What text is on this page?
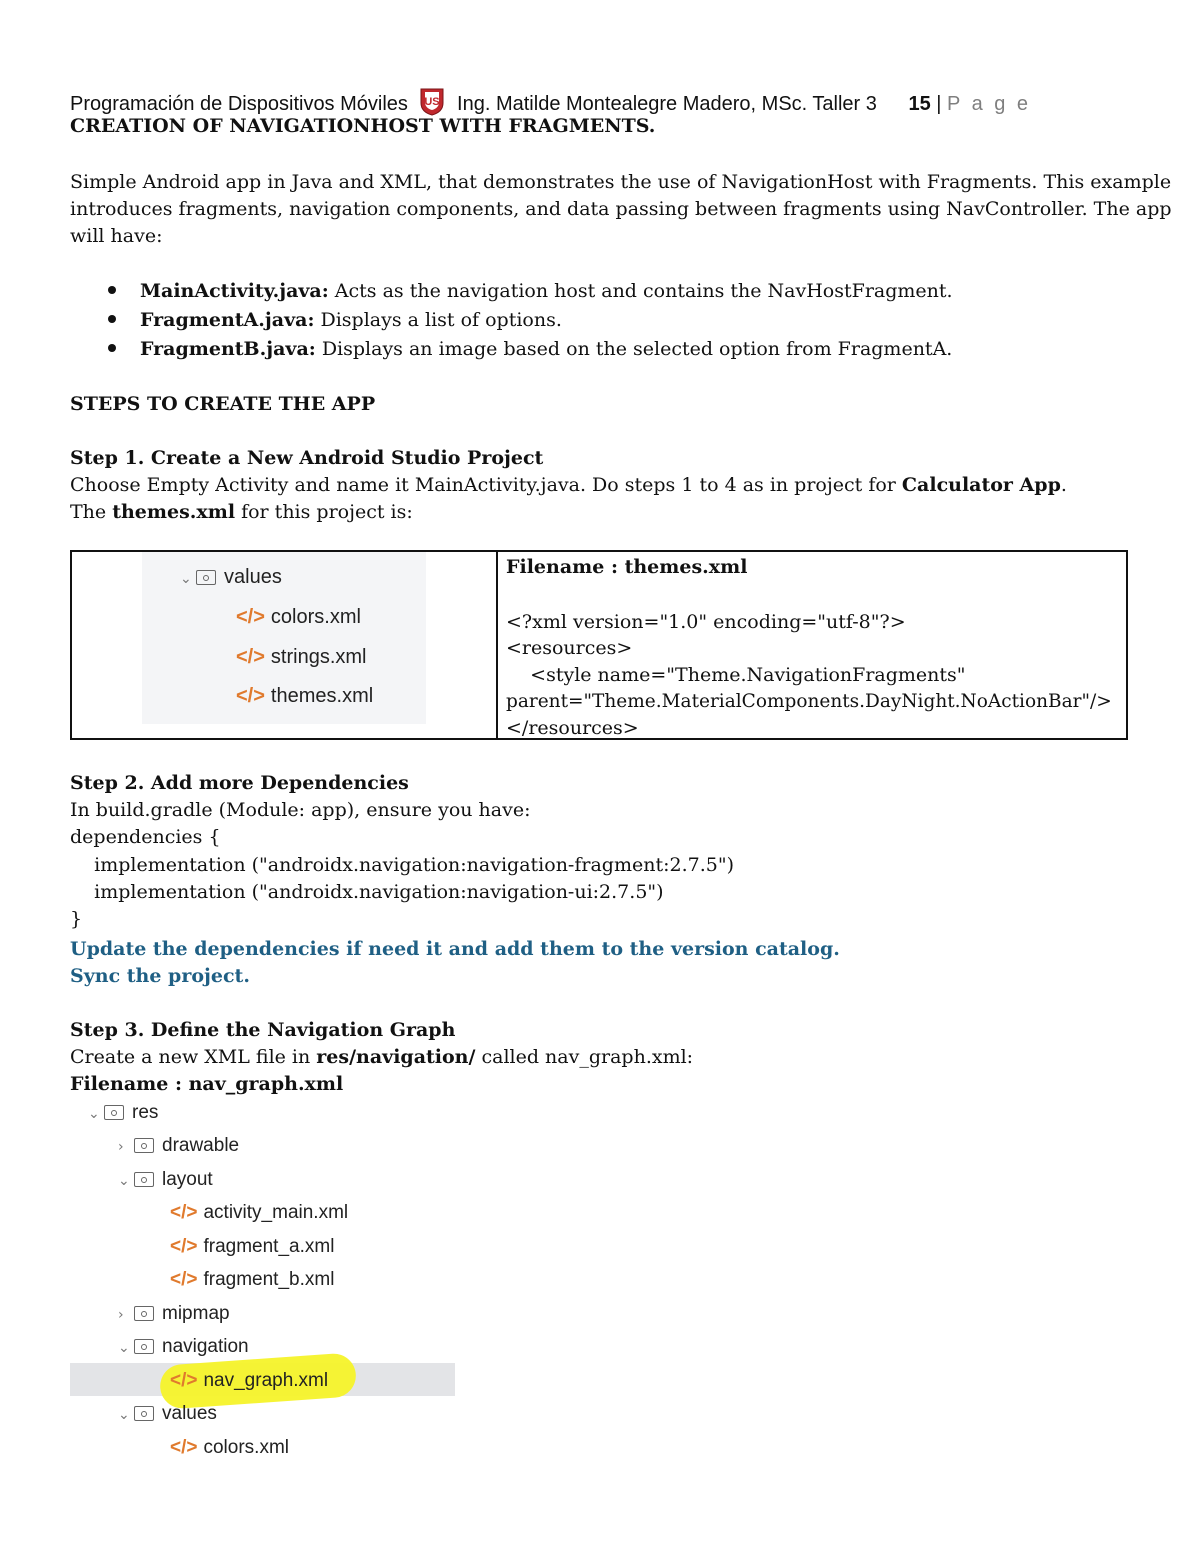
Programación de Dispositivos Móviles US Ing. Matilde Montealegre Madero, MSc. Taller 3 15 | P a g e
CREATION OF NAVIGATIONHOST WITH FRAGMENTS.
Simple Android app in Java and XML, that demonstrates the use of NavigationHost with Fragments. This example
introduces fragments, navigation components, and data passing between fragments using NavController. The app
will have:
MainActivity.java: Acts as the navigation host and contains the NavHostFragment.
FragmentA.java: Displays a list of options.
FragmentB.java: Displays an image based on the selected option from FragmentA.
STEPS TO CREATE THE APP
Step 1. Create a New Android Studio Project
Choose Empty Activity and name it MainActivity.java. Do steps 1 to 4 as in project for Calculator App.
The themes.xml for this project is:
⌄ values
</> colors.xml
</> strings.xml
</> themes.xml
Filename : themes.xml
<?xml version="1.0" encoding="utf-8"?>
<resources>
<style name="Theme.NavigationFragments"
parent="Theme.MaterialComponents.DayNight.NoActionBar"/>
</resources>
Step 2. Add more Dependencies
In build.gradle (Module: app), ensure you have:
dependencies {
implementation ("androidx.navigation:navigation-fragment:2.7.5")
implementation ("androidx.navigation:navigation-ui:2.7.5")
}
Update the dependencies if need it and add them to the version catalog.
Sync the project.
Step 3. Define the Navigation Graph
Create a new XML file in res/navigation/ called nav_graph.xml:
Filename : nav_graph.xml
⌄ res
› drawable
⌄ layout
</> activity_main.xml
</> fragment_a.xml
</> fragment_b.xml
› mipmap
⌄ navigation
</> nav_graph.xml
⌄ values
</> colors.xml
